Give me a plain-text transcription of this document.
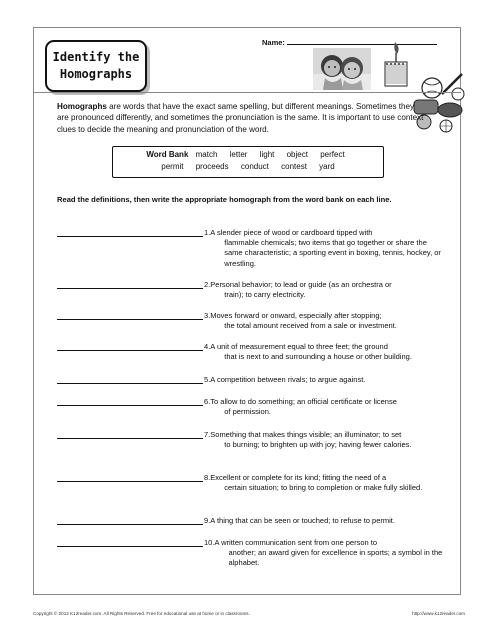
Identify the
Homographs
Name:
Homographs are words that have the exact same spelling, but different meanings. Sometimes they are pronounced differently, and sometimes the pronunciation is the same. It is important to use context clues to decide the meaning and pronunciation of the word.
Word Bank match letter light object perfect
permit proceeds conduct contest yard
Read the definitions, then write the appropriate homograph from the word bank on each line.
1. A slender piece of wood or cardboard tipped with
flammable chemicals; two items that go together or share the same characteristic; a sporting event in boxing, tennis, hockey, or wrestling.
2. Personal behavior; to lead or guide (as an orchestra or
train); to carry electricity.
3. Moves forward or onward, especially after stopping;
the total amount received from a sale or investment.
4. A unit of measurement equal to three feet; the ground
that is next to and surrounding a house or other building.
5. A competition between rivals; to argue against.
6. To allow to do something; an official certificate or license
of permission.
7. Something that makes things visible; an illuminator; to set
to burning; to brighten up with joy; having fewer calories.
8. Excellent or complete for its kind; fitting the need of a
certain situation; to bring to completion or make fully skilled.
9. A thing that can be seen or touched; to refuse to permit.
10. A written communication sent from one person to
another; an award given for excellence in sports; a symbol in the alphabet.
Copyright © 2012 K12reader.com. All Rights Reserved. Free for educational use at home or in classrooms.	http://www.k12reader.com
